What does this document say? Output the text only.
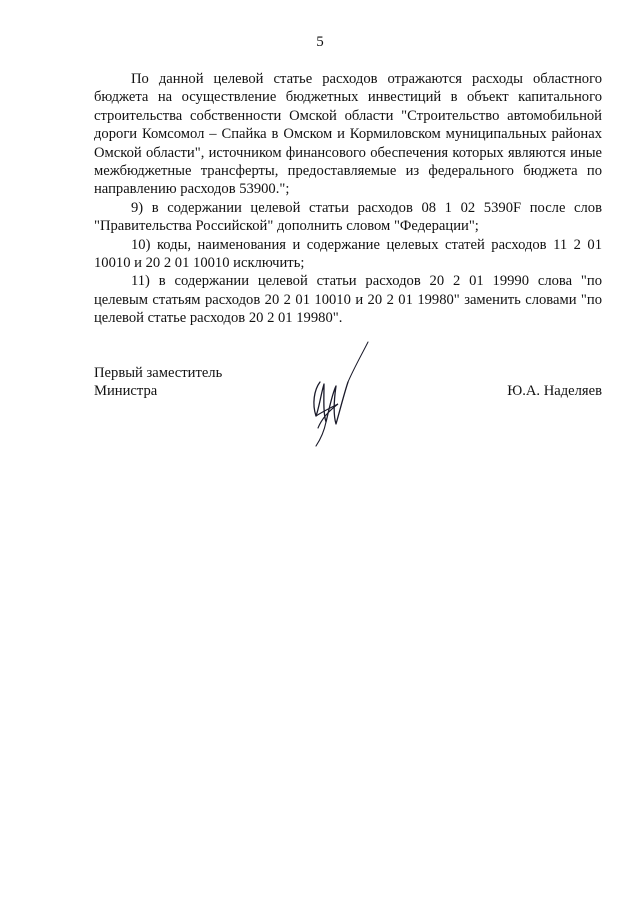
5

По данной целевой статье расходов отражаются расходы областного бюджета на осуществление бюджетных инвестиций в объект капитального строительства собственности Омской области "Строительство автомобильной дороги Комсомол – Спайка в Омском и Кормиловском муниципальных районах Омской области", источником финансового обеспечения которых являются иные межбюджетные трансферты, предоставляемые из федерального бюджета по направлению расходов 53900.";

9) в содержании целевой статьи расходов 08 1 02 5390F после слов "Правительства Российской" дополнить словом "Федерации";

10) коды, наименования и содержание целевых статей расходов 11 2 01 10010 и 20 2 01 10010 исключить;

11) в содержании целевой статьи расходов 20 2 01 19990 слова "по целевым статьям расходов 20 2 01 10010 и 20 2 01 19980" заменить словами "по целевой статье расходов 20 2 01 19980".

Первый заместитель
Министра	Ю.А. Наделяев
